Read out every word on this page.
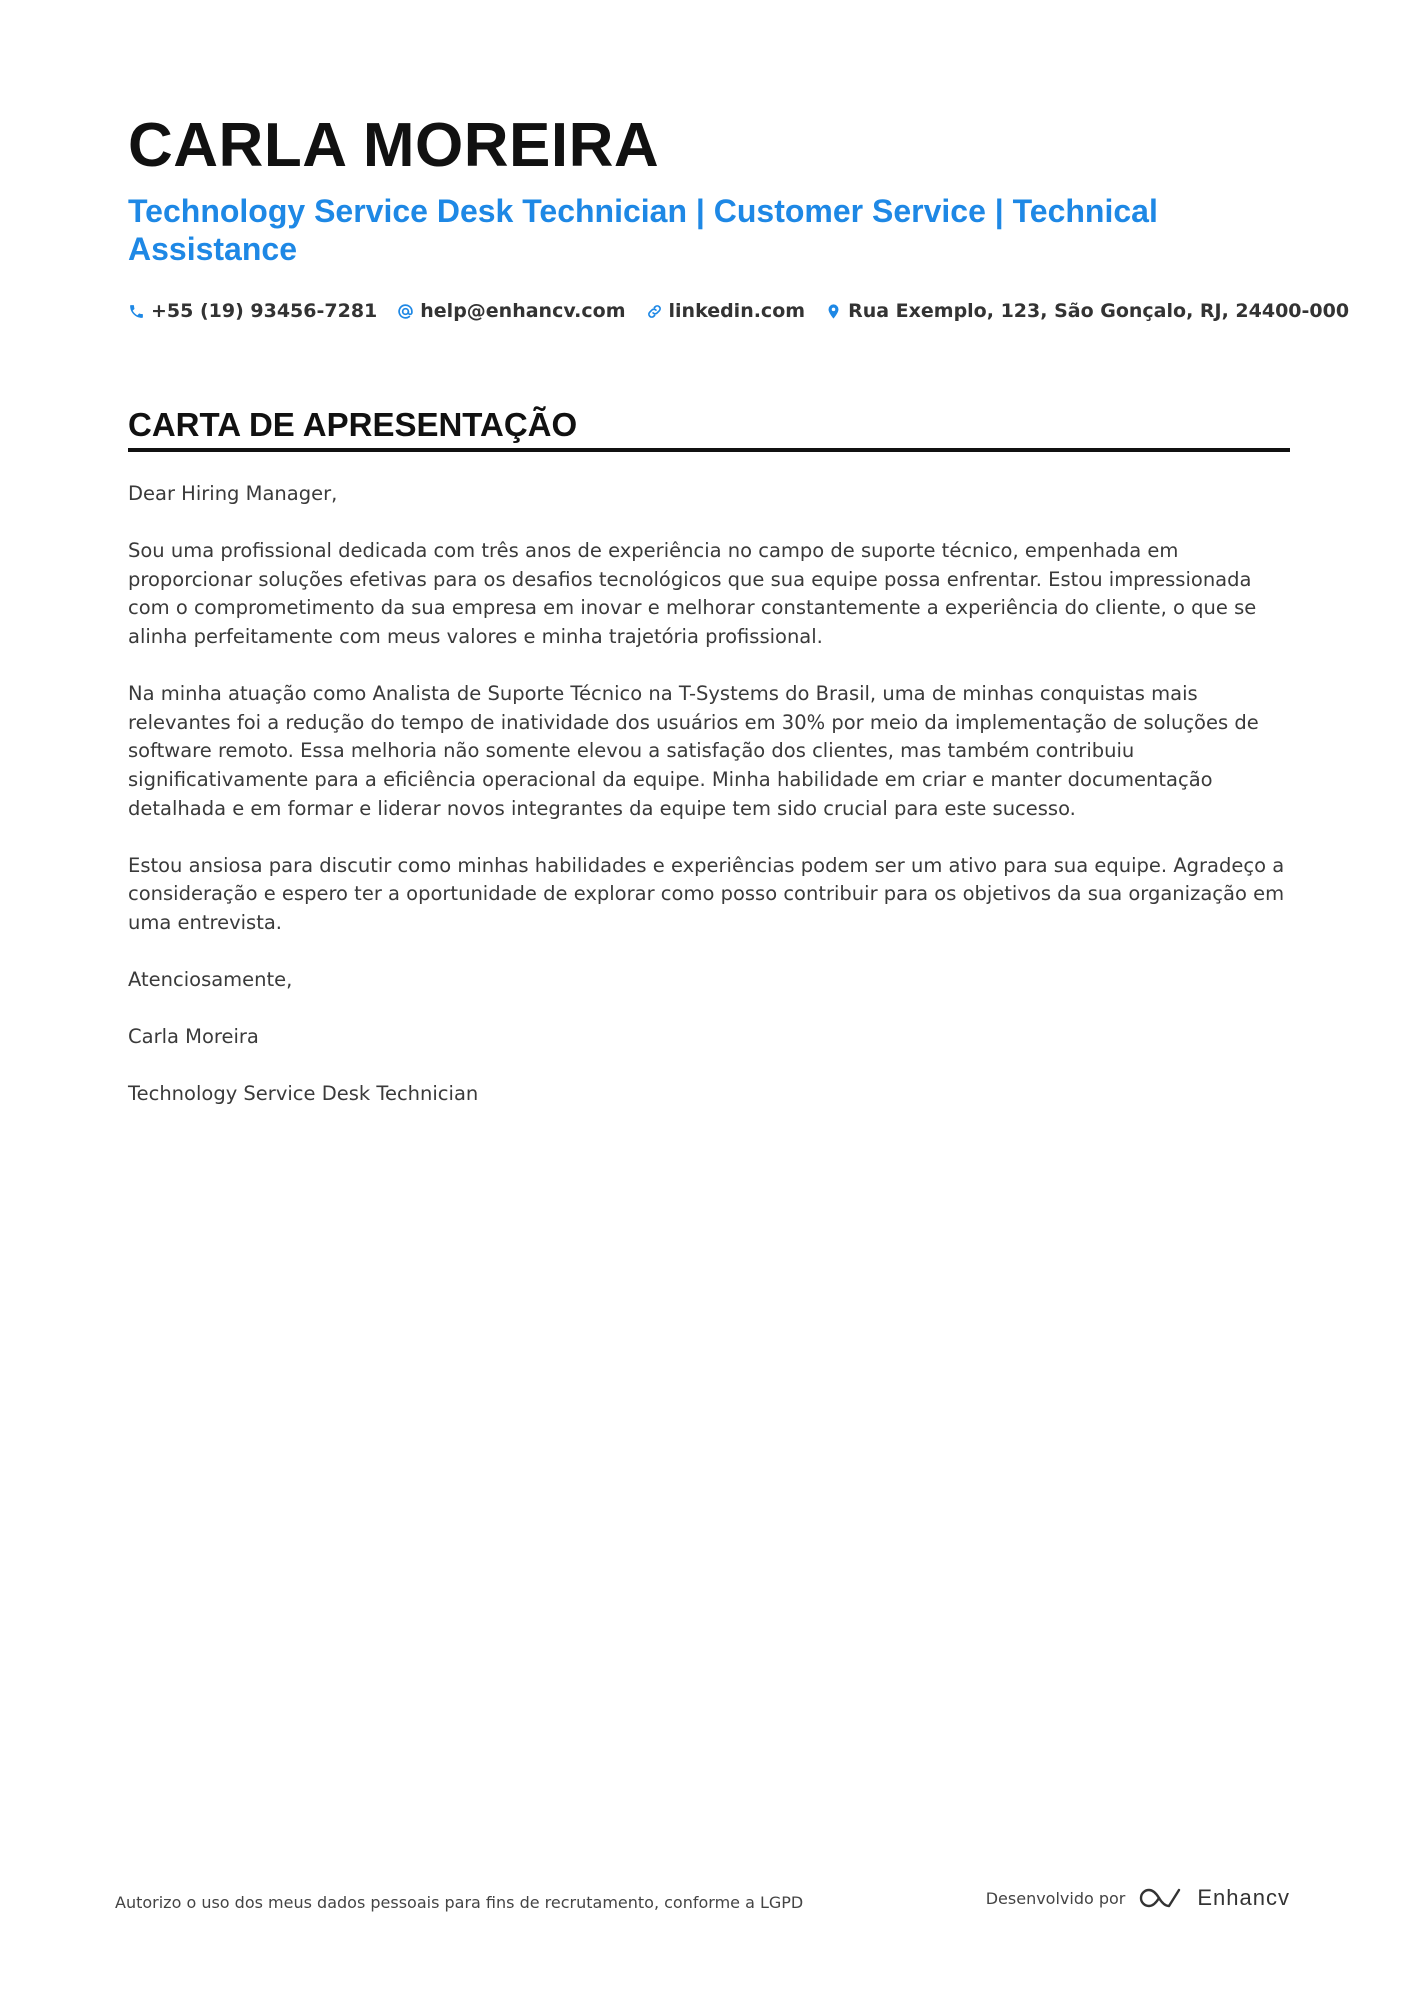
CARLA MOREIRA
Technology Service Desk Technician | Customer Service | Technical Assistance
+55 (19) 93456-7281 help@enhancv.com linkedin.com Rua Exemplo, 123, São Gonçalo, RJ, 24400-000
CARTA DE APRESENTAÇÃO

Dear Hiring Manager,

Sou uma profissional dedicada com três anos de experiência no campo de suporte técnico, empenhada em proporcionar soluções efetivas para os desafios tecnológicos que sua equipe possa enfrentar. Estou impressionada com o comprometimento da sua empresa em inovar e melhorar constantemente a experiência do cliente, o que se alinha perfeitamente com meus valores e minha trajetória profissional.

Na minha atuação como Analista de Suporte Técnico na T-Systems do Brasil, uma de minhas conquistas mais relevantes foi a redução do tempo de inatividade dos usuários em 30% por meio da implementação de soluções de software remoto. Essa melhoria não somente elevou a satisfação dos clientes, mas também contribuiu significativamente para a eficiência operacional da equipe. Minha habilidade em criar e manter documentação detalhada e em formar e liderar novos integrantes da equipe tem sido crucial para este sucesso.

Estou ansiosa para discutir como minhas habilidades e experiências podem ser um ativo para sua equipe. Agradeço a consideração e espero ter a oportunidade de explorar como posso contribuir para os objetivos da sua organização em uma entrevista.

Atenciosamente,

Carla Moreira

Technology Service Desk Technician

Autorizo o uso dos meus dados pessoais para fins de recrutamento, conforme a LGPD	Desenvolvido por	Enhancv
